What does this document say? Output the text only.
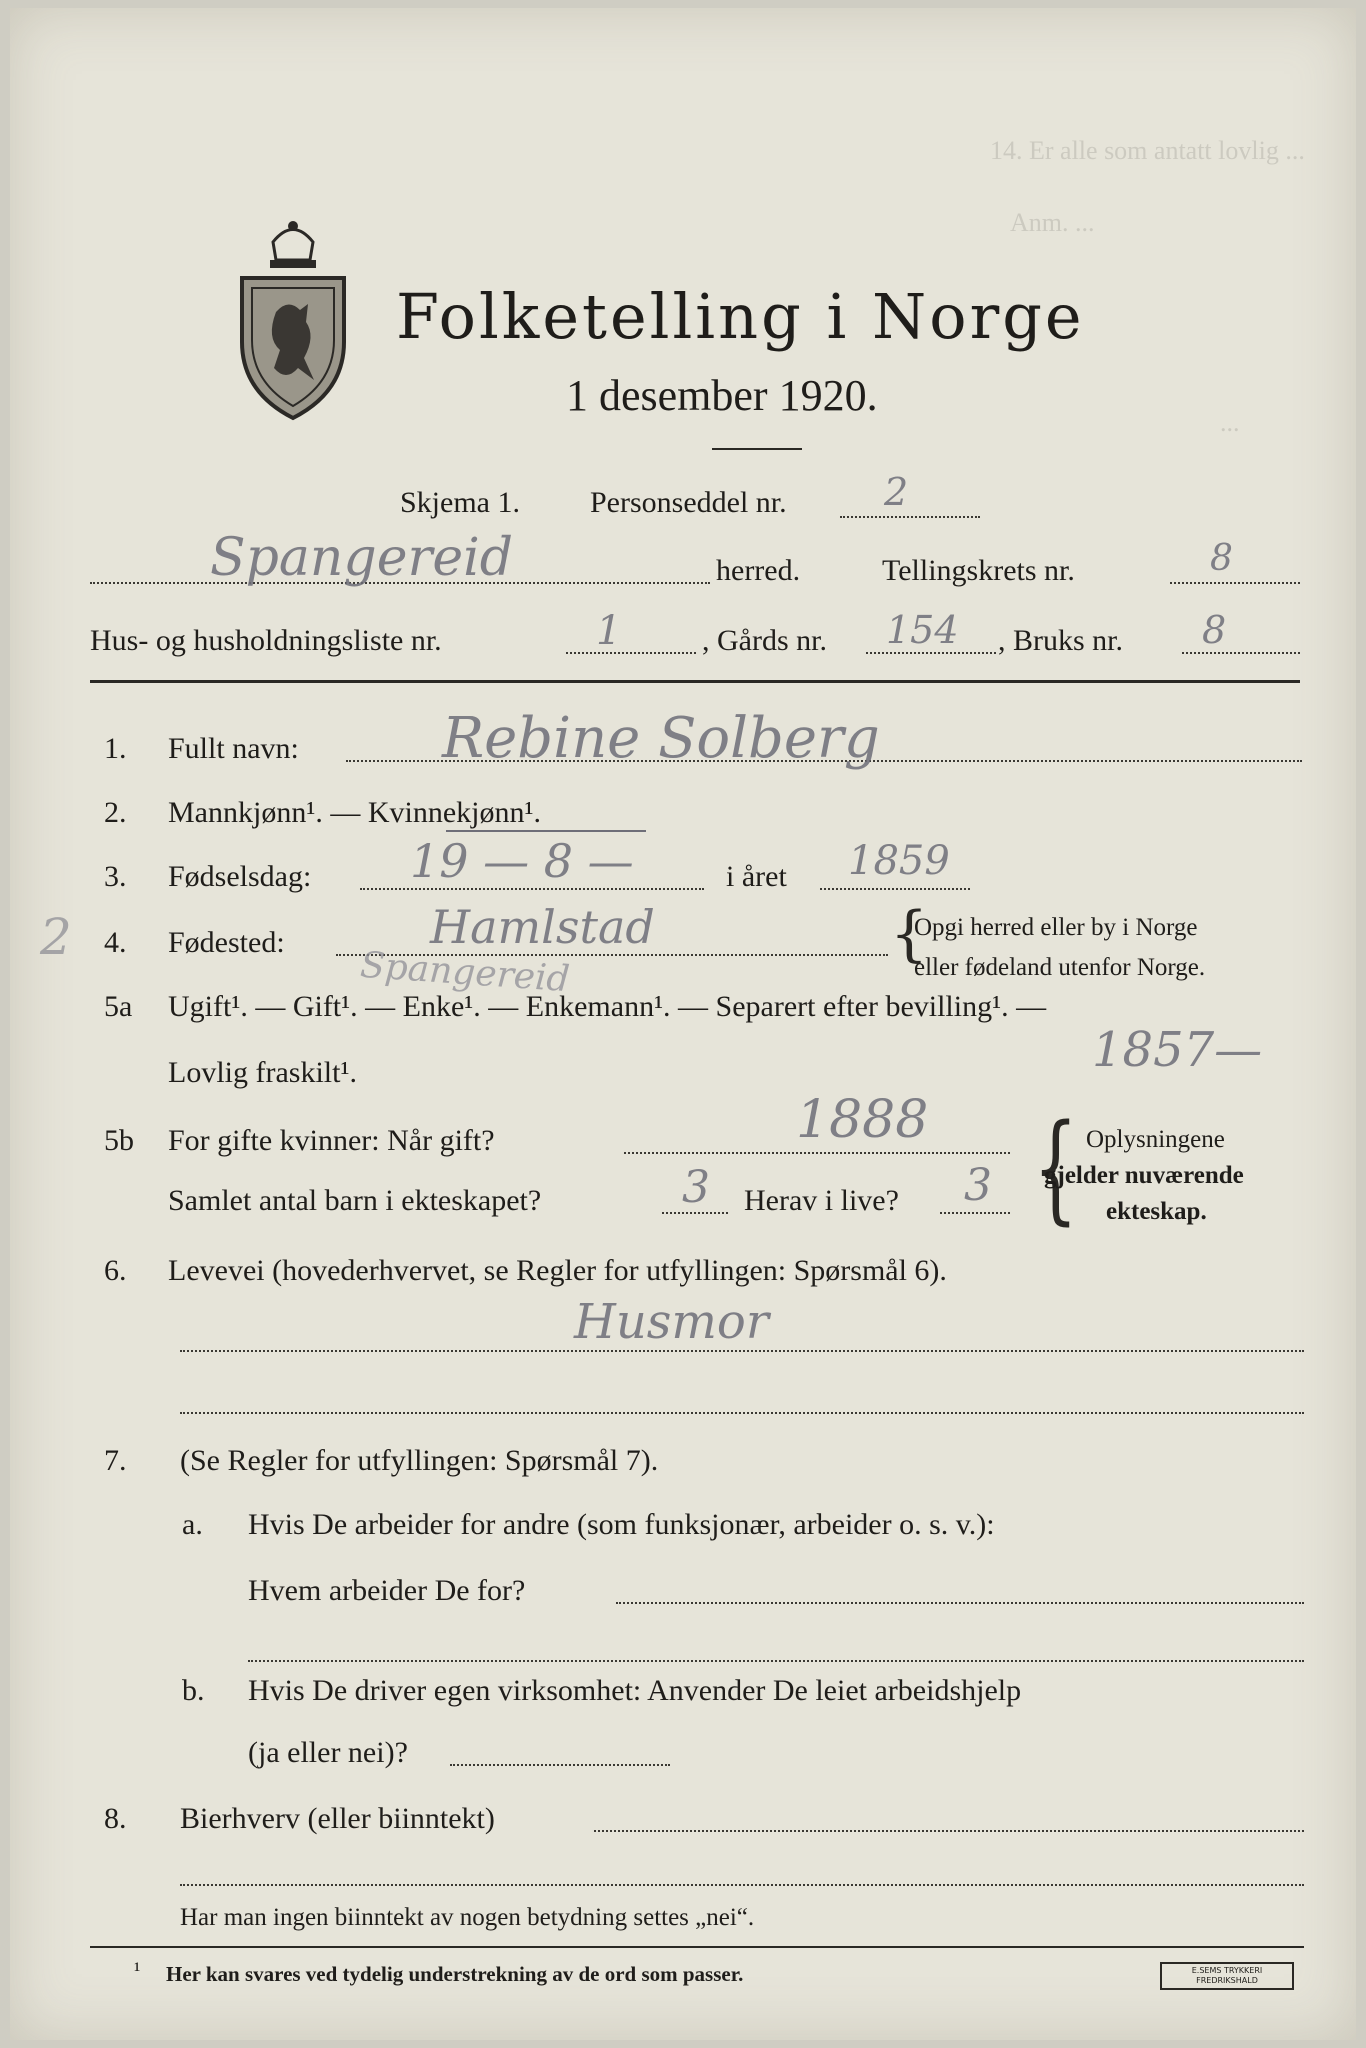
Folketelling i Norge
1 desember 1920.
14. Er alle som antatt lovlig ...
Anm. ...
...
Skjema 1. Personseddel nr.	2
Spangereid	herred.	Tellingskrets nr.	8
Hus- og husholdningsliste nr.	1	, Gårds nr. 154 , Bruks nr. 8
1. Fullt navn:	Rebine Solberg
2. Mannkjønn¹. — Kvinnekjønn¹.
3. Fødselsdag: 19 — 8 —	i året 1859
2 4. Fødested:	Hamlstad
Spangereid
{
Opgi herred eller by i Norge
eller fødeland utenfor Norge.
5a Ugift¹. — Gift¹. — Enke¹. — Enkemann¹. — Separert efter bevilling¹. —
Lovlig fraskilt¹.	1857—
5b For gifte kvinner: Når gift?	1888
Samlet antal barn i ekteskapet?	3 Herav i live? 3 { Oplysningene
gjelder nuværende
ekteskap.
6. Levevei (hovederhvervet, se Regler for utfyllingen: Spørsmål 6).
Husmor
7. (Se Regler for utfyllingen: Spørsmål 7).
a. Hvis De arbeider for andre (som funksjonær, arbeider o. s. v.):
Hvem arbeider De for?
b. Hvis De driver egen virksomhet: Anvender De leiet arbeidshjelp
(ja eller nei)?
8. Bierhverv (eller biinntekt)
Har man ingen biinntekt av nogen betydning settes „nei“.
¹ Her kan svares ved tydelig understrekning av de ord som passer.	E.SEMS TRYKKERI FREDRIKSHALD
